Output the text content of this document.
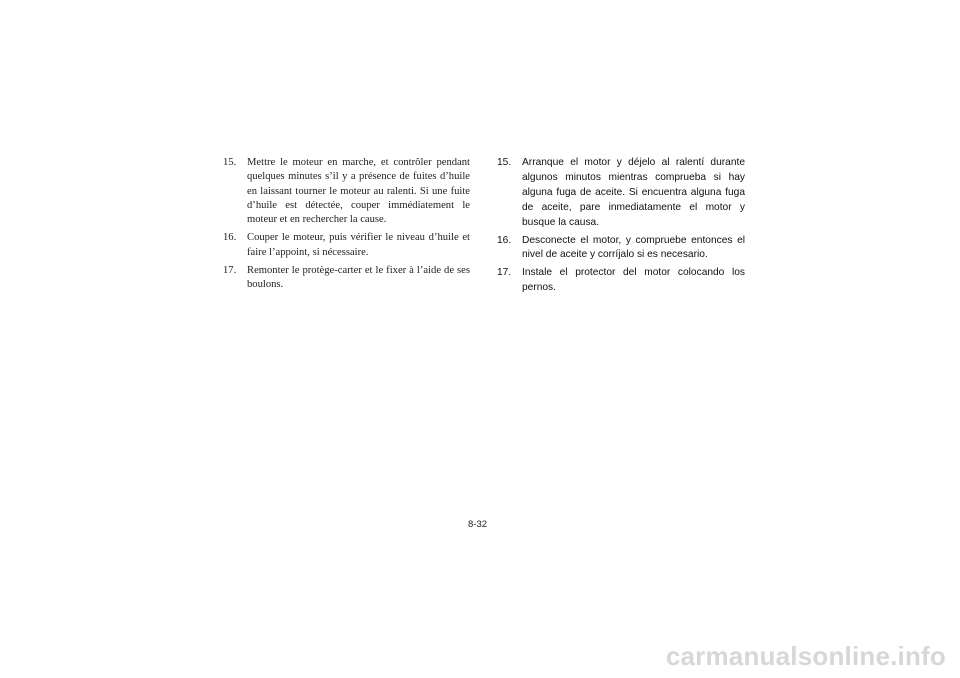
15.	Mettre le moteur en marche, et contrôler pendant quelques minutes s’il y a présence de fuites d’huile en laissant tourner le moteur au ralenti. Si une fuite d’huile est détectée, couper immédiatement le moteur et en rechercher la cause.
16.	Couper le moteur, puis vérifier le niveau d’huile et faire l’appoint, si nécessaire.
17.	Remonter le protège-carter et le fixer à l’aide de ses boulons.
15.	Arranque el motor y déjelo al ralentí durante algunos minutos mientras comprueba si hay alguna fuga de aceite. Si encuentra alguna fuga de aceite, pare inmediatamente el motor y busque la causa.
16.	Desconecte el motor, y compruebe entonces el nivel de aceite y corríjalo si es necesario.
17.	Instale el protector del motor colocando los pernos.
8-32
carmanualsonline.info
